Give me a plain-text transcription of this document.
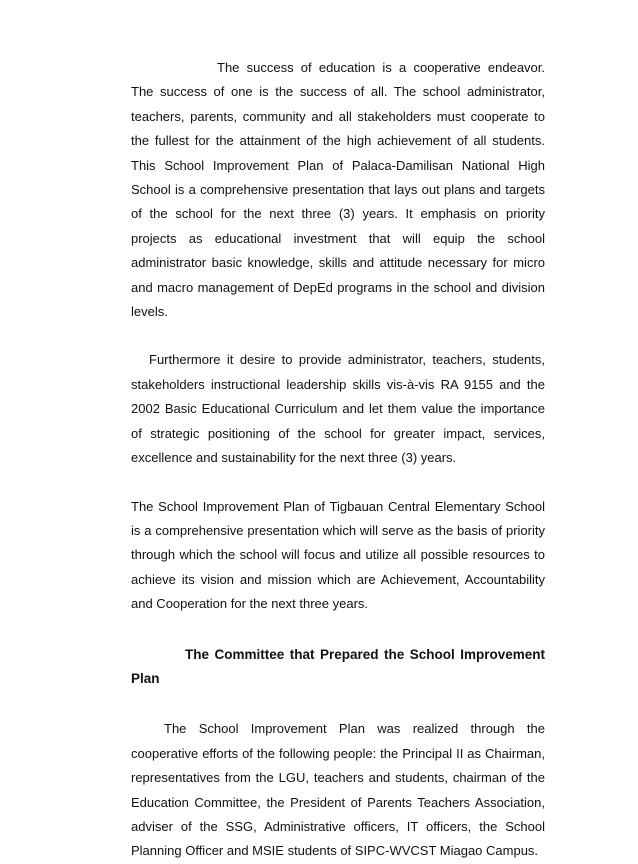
The success of education is a cooperative endeavor. The success of one is the success of all. The school administrator, teachers, parents, community and all stakeholders must cooperate to the fullest for the attainment of the high achievement of all students. This School Improvement Plan of Palaca-Damilisan National High School is a comprehensive presentation that lays out plans and targets of the school for the next three (3) years. It emphasis on priority projects as educational investment that will equip the school administrator basic knowledge, skills and attitude necessary for micro and macro management of DepEd programs in the school and division levels.

Furthermore it desire to provide administrator, teachers, students, stakeholders instructional leadership skills vis-à-vis RA 9155 and the 2002 Basic Educational Curriculum and let them value the importance of strategic positioning of the school for greater impact, services, excellence and sustainability for the next three (3) years.

The School Improvement Plan of Tigbauan Central Elementary School is a comprehensive presentation which will serve as the basis of priority through which the school will focus and utilize all possible resources to achieve its vision and mission which are Achievement, Accountability and Cooperation for the next three years.

The Committee that Prepared the School Improvement Plan

The School Improvement Plan was realized through the cooperative efforts of the following people: the Principal II as Chairman, representatives from the LGU, teachers and students, chairman of the Education Committee, the President of Parents Teachers Association, adviser of the SSG, Administrative officers, IT officers, the School Planning Officer and MSIE students of SIPC-WVCST Miagao Campus.
